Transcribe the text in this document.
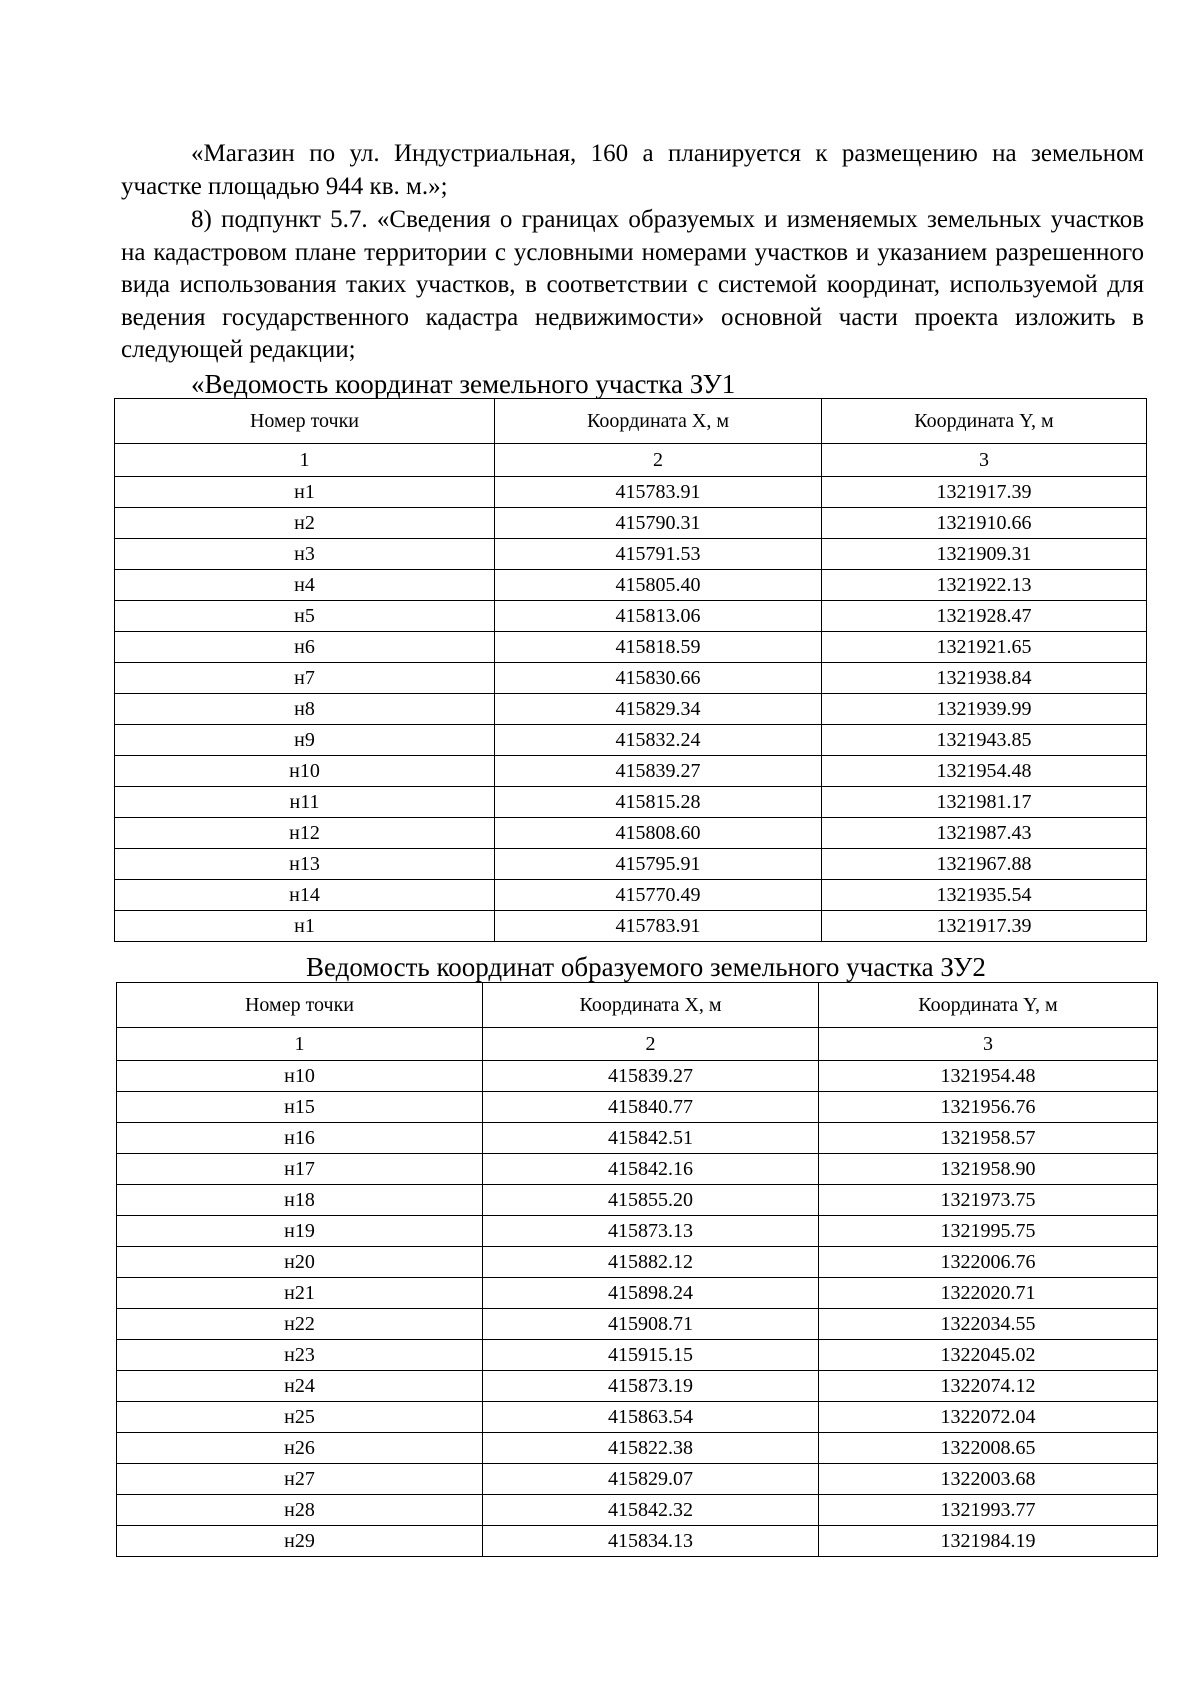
«Магазин по ул. Индустриальная, 160 а планируется к размещению на земельном участке площадью 944 кв. м.»;

8) подпункт 5.7. «Сведения о границах образуемых и изменяемых земельных участков на кадастровом плане территории с условными номерами участков и указанием разрешенного вида использования таких участков, в соответствии с системой координат, используемой для ведения государственного кадастра недвижимости» основной части проекта изложить в следующей редакции;

«Ведомость координат земельного участка ЗУ1
Номер точки	Координата X, м	Координата Y, м
1	2	3
н1	415783.91	1321917.39
н2	415790.31	1321910.66
н3	415791.53	1321909.31
н4	415805.40	1321922.13
н5	415813.06	1321928.47
н6	415818.59	1321921.65
н7	415830.66	1321938.84
н8	415829.34	1321939.99
н9	415832.24	1321943.85
н10	415839.27	1321954.48
н11	415815.28	1321981.17
н12	415808.60	1321987.43
н13	415795.91	1321967.88
н14	415770.49	1321935.54
н1	415783.91	1321917.39
Ведомость координат образуемого земельного участка ЗУ2
Номер точки	Координата X, м	Координата Y, м
1	2	3
н10	415839.27	1321954.48
н15	415840.77	1321956.76
н16	415842.51	1321958.57
н17	415842.16	1321958.90
н18	415855.20	1321973.75
н19	415873.13	1321995.75
н20	415882.12	1322006.76
н21	415898.24	1322020.71
н22	415908.71	1322034.55
н23	415915.15	1322045.02
н24	415873.19	1322074.12
н25	415863.54	1322072.04
н26	415822.38	1322008.65
н27	415829.07	1322003.68
н28	415842.32	1321993.77
н29	415834.13	1321984.19
